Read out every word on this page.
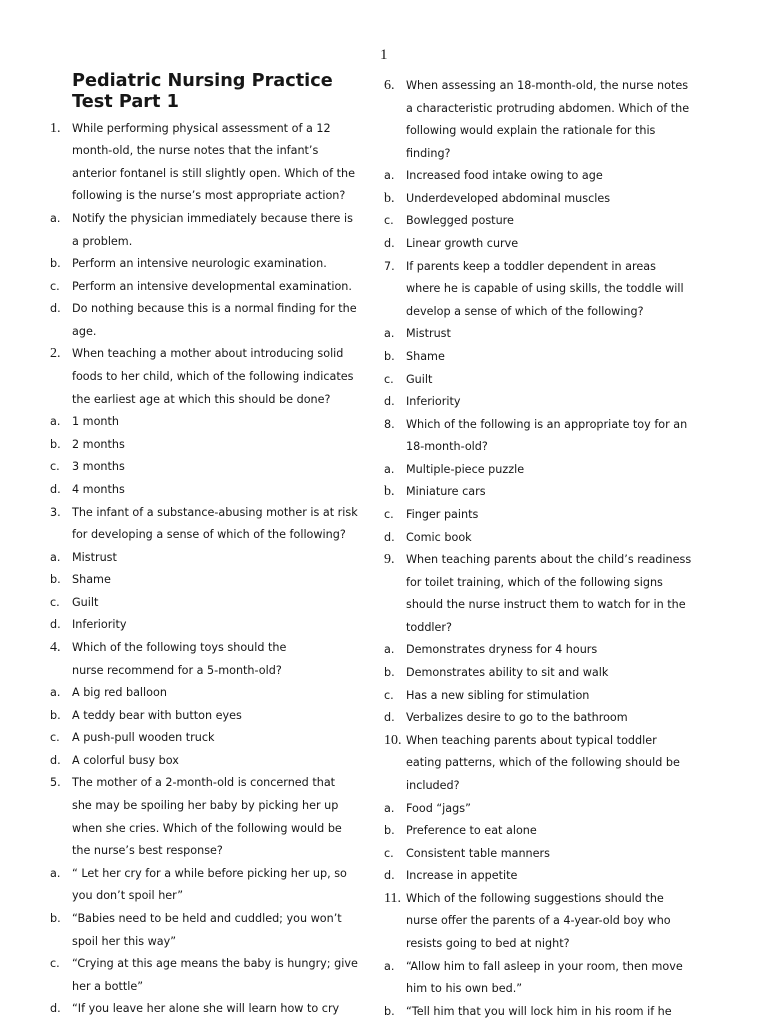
1
Pediatric Nursing Practice
Test Part 1
1. While performing physical assessment of a 12
month-old, the nurse notes that the infant’s
anterior fontanel is still slightly open. Which of the
following is the nurse’s most appropriate action?
a. Notify the physician immediately because there is
a problem.
b. Perform an intensive neurologic examination.
c. Perform an intensive developmental examination.
d. Do nothing because this is a normal finding for the
age.
2. When teaching a mother about introducing solid
foods to her child, which of the following indicates
the earliest age at which this should be done?
a. 1 month
b. 2 months
c. 3 months
d. 4 months
3. The infant of a substance-abusing mother is at risk
for developing a sense of which of the following?
a. Mistrust
b. Shame
c. Guilt
d. Inferiority
4. Which of the following toys should the
nurse recommend for a 5-month-old?
a. A big red balloon
b. A teddy bear with button eyes
c. A push-pull wooden truck
d. A colorful busy box
5. The mother of a 2-month-old is concerned that
she may be spoiling her baby by picking her up
when she cries. Which of the following would be
the nurse’s best response?
a. “ Let her cry for a while before picking her up, so
you don’t spoil her”
b. “Babies need to be held and cuddled; you won’t
spoil her this way”
c. “Crying at this age means the baby is hungry; give
her a bottle”
d. “If you leave her alone she will learn how to cry
6. When assessing an 18-month-old, the nurse notes
a characteristic protruding abdomen. Which of the
following would explain the rationale for this
finding?
a. Increased food intake owing to age
b. Underdeveloped abdominal muscles
c. Bowlegged posture
d. Linear growth curve
7. If parents keep a toddler dependent in areas
where he is capable of using skills, the toddle will
develop a sense of which of the following?
a. Mistrust
b. Shame
c. Guilt
d. Inferiority
8. Which of the following is an appropriate toy for an
18-month-old?
a. Multiple-piece puzzle
b. Miniature cars
c. Finger paints
d. Comic book
9. When teaching parents about the child’s readiness
for toilet training, which of the following signs
should the nurse instruct them to watch for in the
toddler?
a. Demonstrates dryness for 4 hours
b. Demonstrates ability to sit and walk
c. Has a new sibling for stimulation
d. Verbalizes desire to go to the bathroom
10. When teaching parents about typical toddler
eating patterns, which of the following should be
included?
a. Food “jags”
b. Preference to eat alone
c. Consistent table manners
d. Increase in appetite
11. Which of the following suggestions should the
nurse offer the parents of a 4-year-old boy who
resists going to bed at night?
a. “Allow him to fall asleep in your room, then move
him to his own bed.”
b. “Tell him that you will lock him in his room if he
